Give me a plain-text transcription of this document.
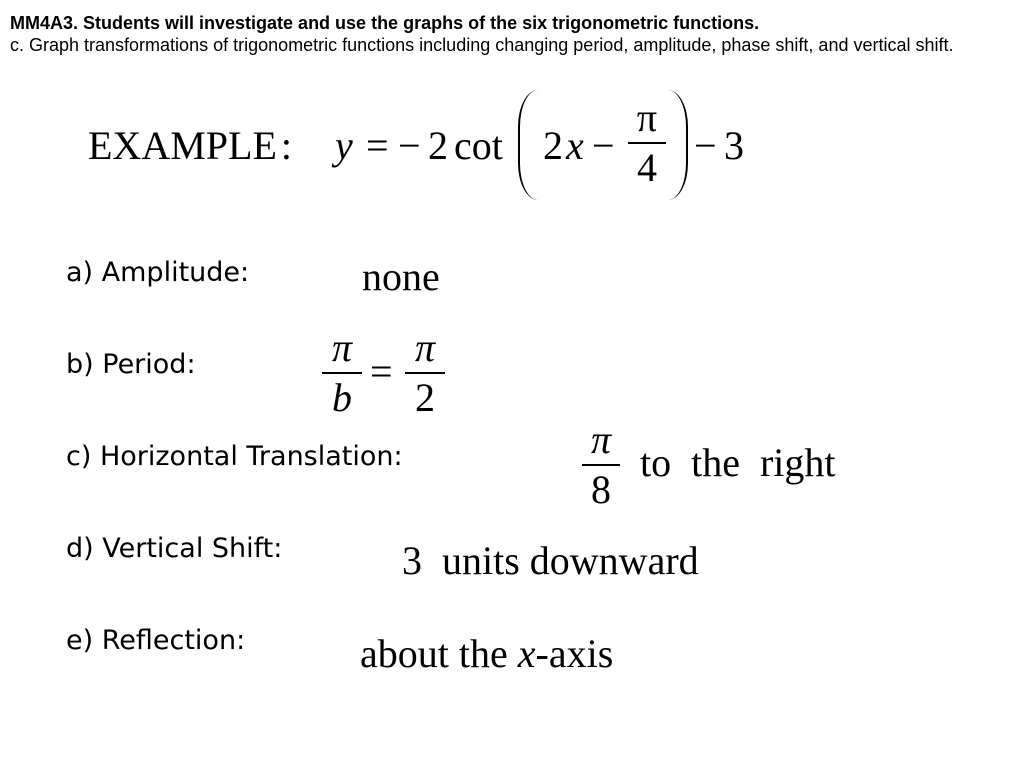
MM4A3. Students will investigate and use the graphs of the six trigonometric functions.
c. Graph transformations of trigonometric functions including changing period, amplitude, phase shift, and vertical shift.
EXAMPLE : y = − 2 cot 2 x −
π
4 − 3
a) Amplitude:	none
b) Period:	π
b
=
π
2
c) Horizontal Translation:	π
8
to  the  right
d) Vertical Shift:	3  units downward
e) Reflection:	about the x-axis
